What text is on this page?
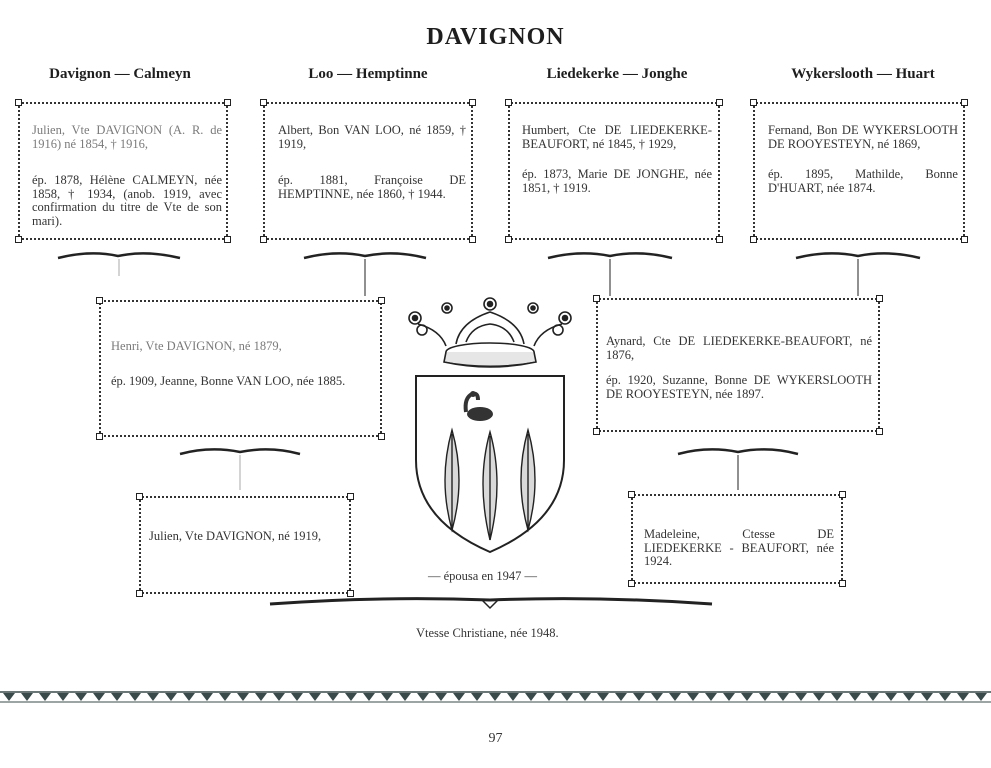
DAVIGNON
Davignon — Calmeyn	Loo — Hemptinne	Liedekerke — Jonghe	Wykerslooth — Huart

Julien, Vte DAVIGNON (A. R. de 1916) né 1854, † 1916,

ép. 1878, Hélène CALMEYN, née 1858, † 1934, (anob. 1919, avec confirmation du titre de Vte de son mari).

Albert, Bon VAN LOO, né 1859, † 1919,

ép. 1881, Françoise DE HEMPTINNE, née 1860, † 1944.

Humbert, Cte DE LIEDEKERKE-BEAUFORT, né 1845, † 1929,

ép. 1873, Marie DE JONGHE, née 1851, † 1919.

Fernand, Bon DE WYKERSLOOTH DE ROOYESTEYN, né 1869,

ép. 1895, Mathilde, Bonne D'HUART, née 1874.

Henri, Vte DAVIGNON, né 1879,

ép. 1909, Jeanne, Bonne VAN LOO, née 1885.

Aynard, Cte DE LIEDEKERKE-BEAUFORT, né 1876,

ép. 1920, Suzanne, Bonne DE WYKERSLOOTH DE ROOYESTEYN, née 1897.

Julien, Vte DAVIGNON, né 1919,	Madeleine, Ctesse DE LIEDEKERKE - BEAUFORT, née 1924.

— épousa en 1947 —
Vtesse Christiane, née 1948.
97
